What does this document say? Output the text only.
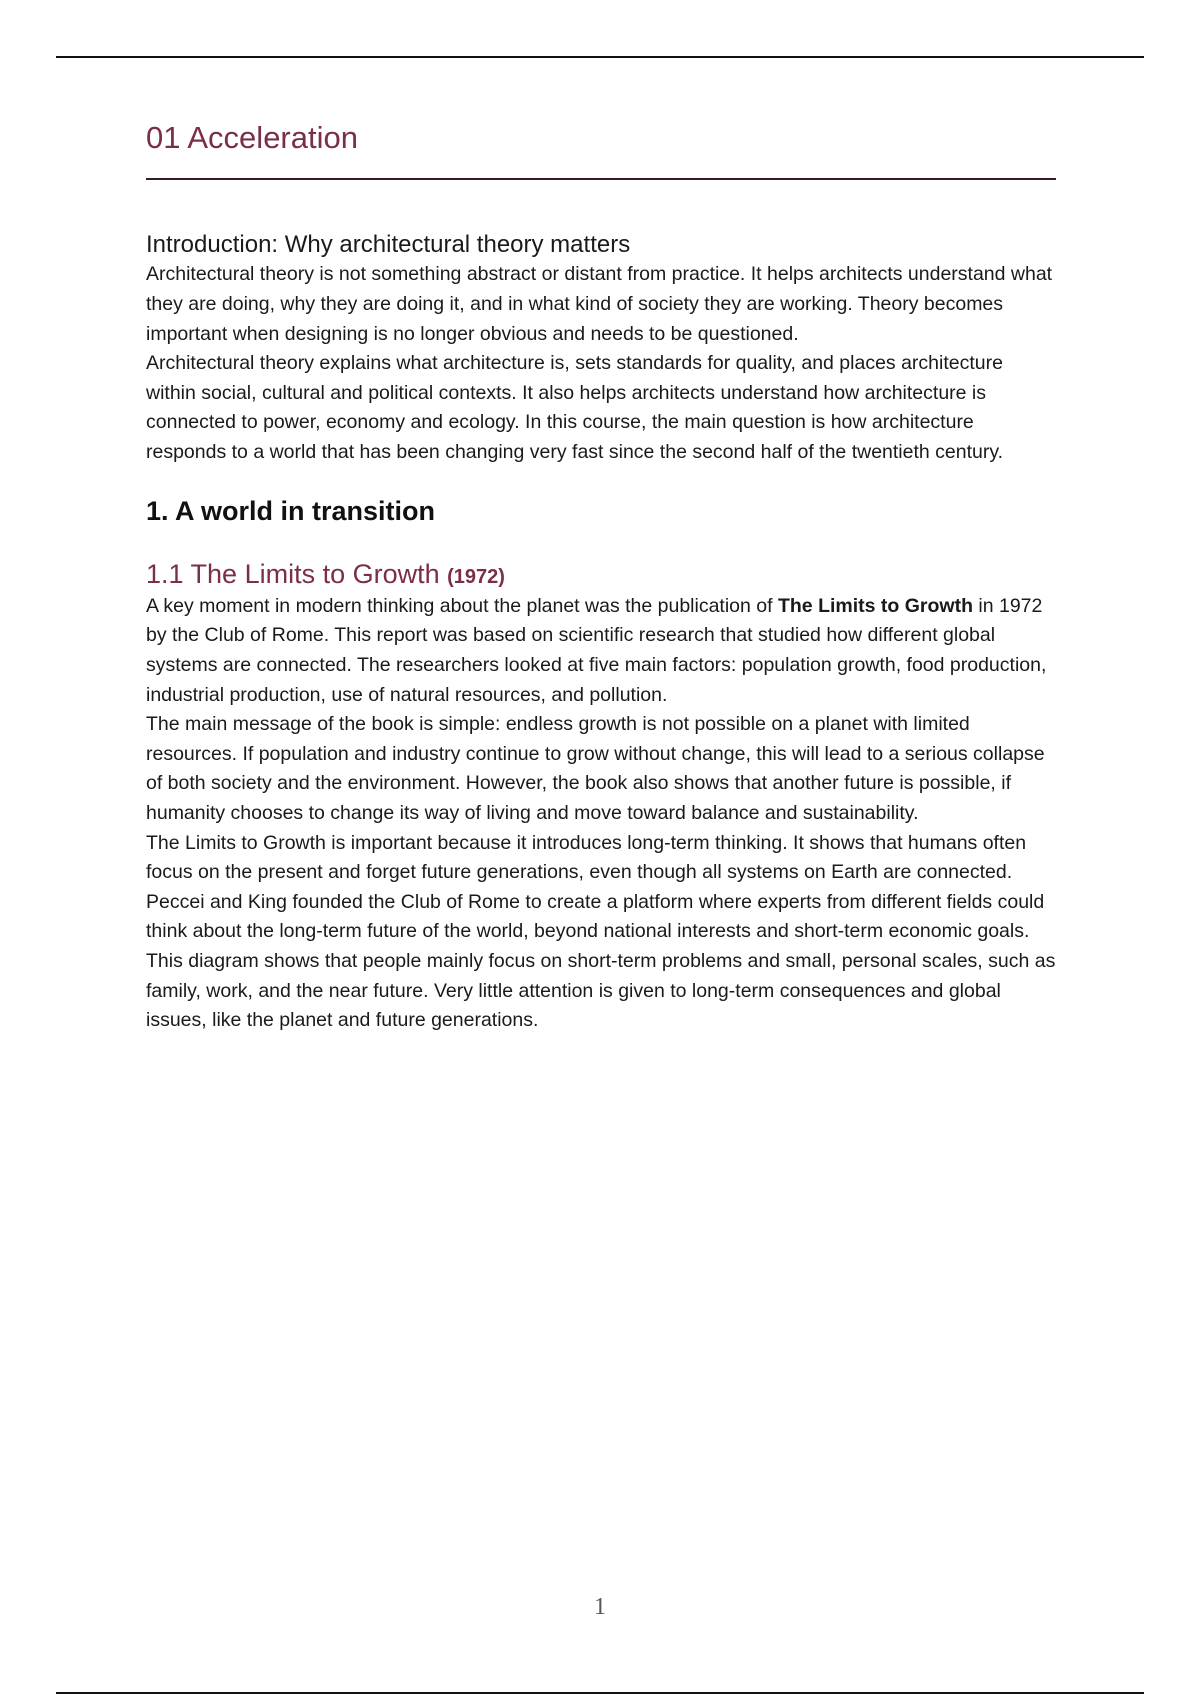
01 Acceleration
Introduction: Why architectural theory matters

Architectural theory is not something abstract or distant from practice. It helps architects understand what they are doing, why they are doing it, and in what kind of society they are working. Theory becomes important when designing is no longer obvious and needs to be questioned.

Architectural theory explains what architecture is, sets standards for quality, and places architecture within social, cultural and political contexts. It also helps architects understand how architecture is connected to power, economy and ecology. In this course, the main question is how architecture responds to a world that has been changing very fast since the second half of the twentieth century.

1. A world in transition
1.1 The Limits to Growth (1972)

A key moment in modern thinking about the planet was the publication of The Limits to Growth in 1972 by the Club of Rome. This report was based on scientific research that studied how different global systems are connected. The researchers looked at five main factors: population growth, food production, industrial production, use of natural resources, and pollution.

The main message of the book is simple: endless growth is not possible on a planet with limited resources. If population and industry continue to grow without change, this will lead to a serious collapse of both society and the environment. However, the book also shows that another future is possible, if humanity chooses to change its way of living and move toward balance and sustainability.

The Limits to Growth is important because it introduces long-term thinking. It shows that humans often focus on the present and forget future generations, even though all systems on Earth are connected.

Peccei and King founded the Club of Rome to create a platform where experts from different fields could think about the long-term future of the world, beyond national interests and short-term economic goals.

This diagram shows that people mainly focus on short-term problems and small, personal scales, such as family, work, and the near future. Very little attention is given to long-term consequences and global issues, like the planet and future generations.

1
